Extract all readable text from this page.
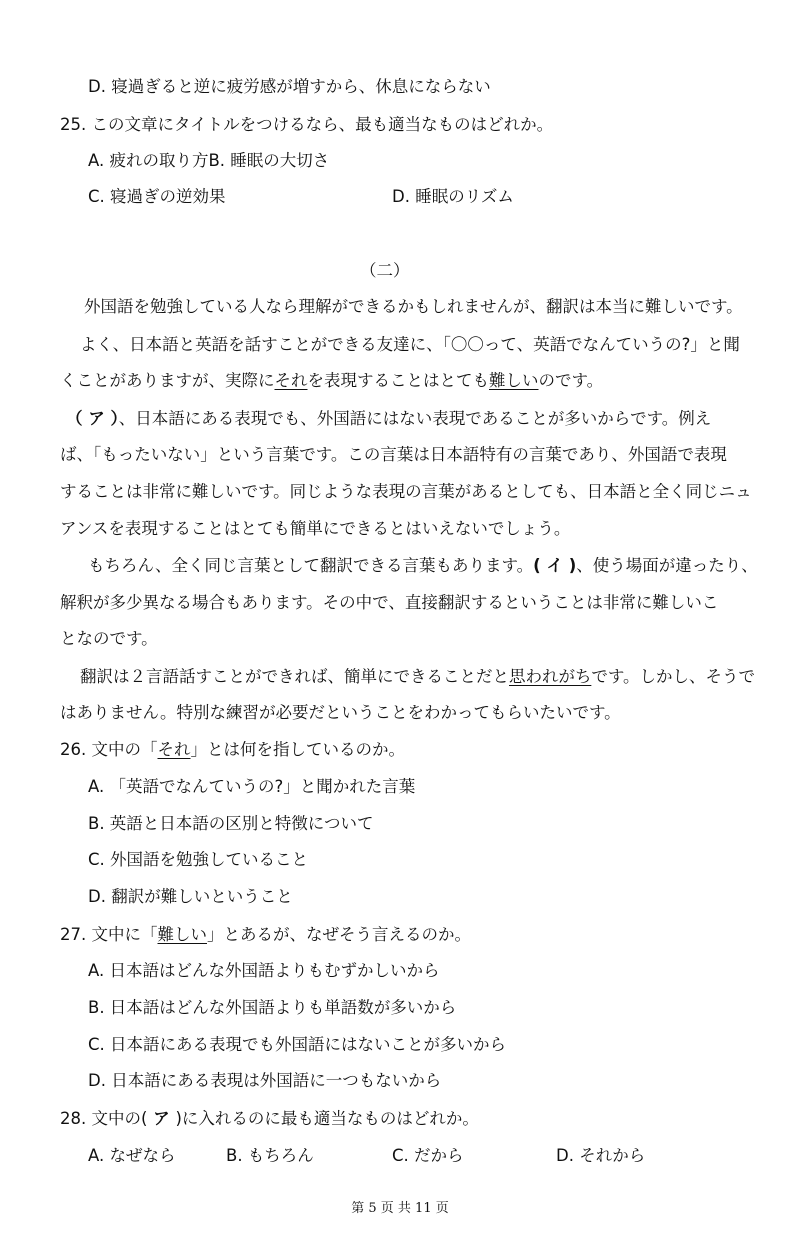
D. 寝過ぎると逆に疲労感が増すから、休息にならない
25. この文章にタイトルをつけるなら、最も適当なものはどれか。
A. 疲れの取り方B. 睡眠の大切さ
C. 寝過ぎの逆効果	D. 睡眠のリズム
（二）
外国語を勉強している人なら理解ができるかもしれませんが、翻訳は本当に難しいです。
よく、日本語と英語を話すことができる友達に、「〇〇って、英語でなんていうの?」と聞
くことがありますが、実際にそれを表現することはとても難しいのです。
（ ア ）、日本語にある表現でも、外国語にはない表現であることが多いからです。例え
ば、「もったいない」という言葉です。この言葉は日本語特有の言葉であり、外国語で表現
することは非常に難しいです。同じような表現の言葉があるとしても、日本語と全く同じニュ
アンスを表現することはとても簡単にできるとはいえないでしょう。
もちろん、全く同じ言葉として翻訳できる言葉もあります。( イ )、使う場面が違ったり、
解釈が多少異なる場合もあります。その中で、直接翻訳するということは非常に難しいこ
となのです。
翻訳は２言語話すことができれば、簡単にできることだと思われがちです。しかし、そうで
はありません。特別な練習が必要だということをわかってもらいたいです。
26. 文中の「それ」とは何を指しているのか。
A. 「英語でなんていうの?」と聞かれた言葉
B. 英語と日本語の区別と特徴について
C. 外国語を勉強していること
D. 翻訳が難しいということ
27. 文中に「難しい」とあるが、なぜそう言えるのか。
A. 日本語はどんな外国語よりもむずかしいから
B. 日本語はどんな外国語よりも単語数が多いから
C. 日本語にある表現でも外国語にはないことが多いから
D. 日本語にある表現は外国語に一つもないから
28. 文中の( ア )に入れるのに最も適当なものはどれか。
A. なぜなら	B. もちろん	C. だから	D. それから
第 5 页 共 11 页
